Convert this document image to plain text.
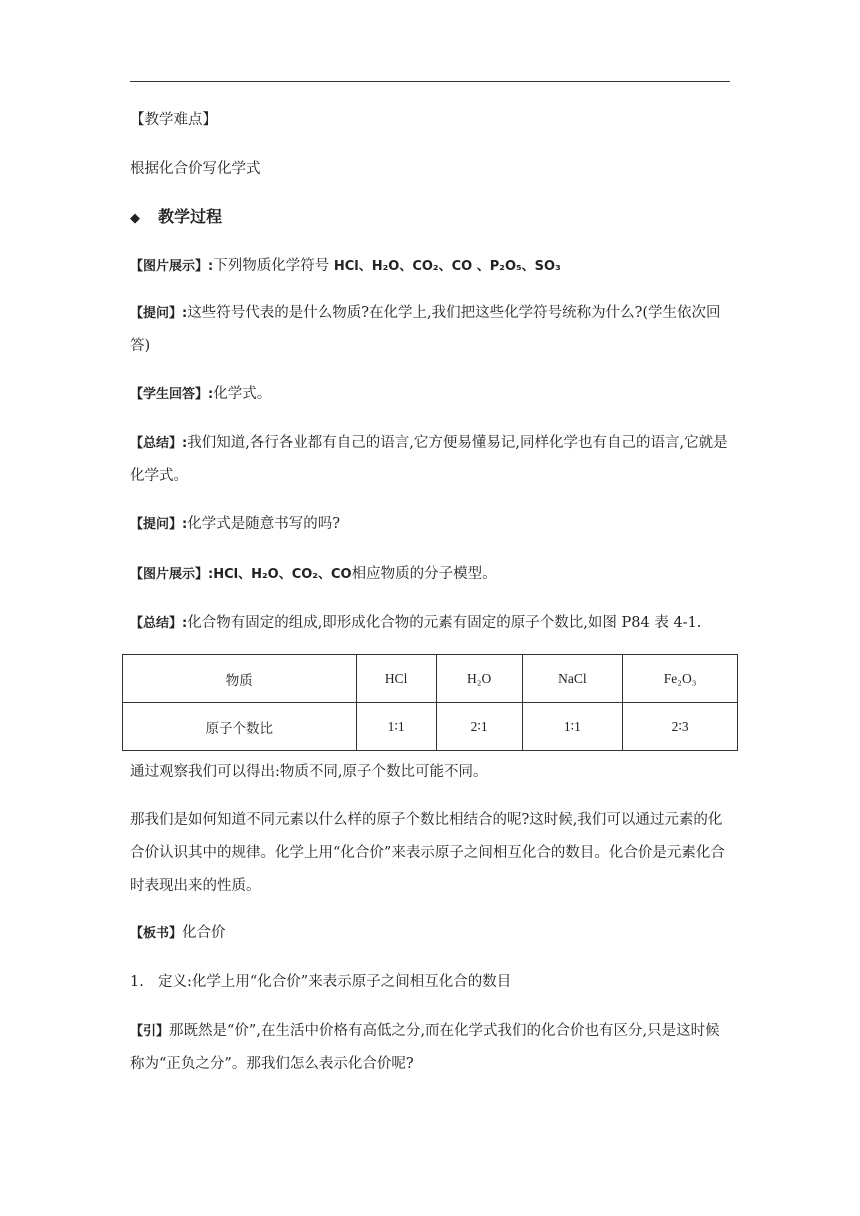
【教学难点】
根据化合价写化学式
◆ 教学过程
【图片展示】:下列物质化学符号 HCl、H₂O、CO₂、CO 、P₂O₅、SO₃
【提问】:这些符号代表的是什么物质?在化学上,我们把这些化学符号统称为什么?(学生依次回答)
【学生回答】:化学式。
【总结】:我们知道,各行各业都有自己的语言,它方便易懂易记,同样化学也有自己的语言,它就是化学式。
【提问】:化学式是随意书写的吗?
【图片展示】:HCl、H₂O、CO₂、CO相应物质的分子模型。
【总结】:化合物有固定的组成,即形成化合物的元素有固定的原子个数比,如图 P84 表 4-1.
物质	HCl	H₂O	NaCl	Fe₂O₃
原子个数比	1∶1	2∶1	1∶1	2∶3
通过观察我们可以得出:物质不同,原子个数比可能不同。
那我们是如何知道不同元素以什么样的原子个数比相结合的呢?这时候,我们可以通过元素的化合价认识其中的规律。化学上用“化合价”来表示原子之间相互化合的数目。化合价是元素化合时表现出来的性质。
【板书】化合价
1. 定义:化学上用“化合价”来表示原子之间相互化合的数目
【引】那既然是“价”,在生活中价格有高低之分,而在化学式我们的化合价也有区分,只是这时候称为“正负之分”。那我们怎么表示化合价呢?
